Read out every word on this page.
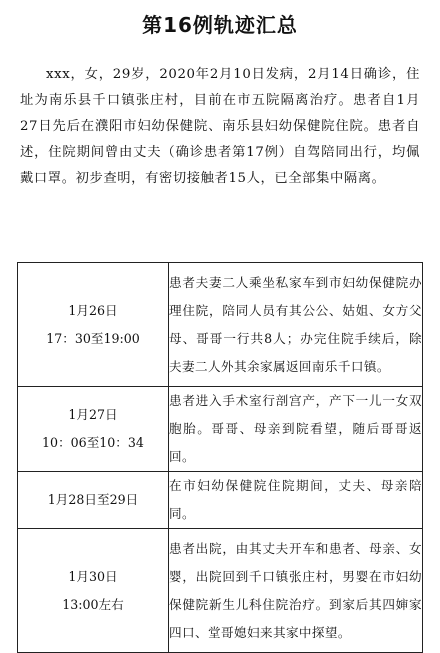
第16例轨迹汇总
xxx，女，29岁，2020年2月10日发病，2月14日确诊，住址为南乐县千口镇张庄村，目前在市五院隔离治疗。患者自1月27日先后在濮阳市妇幼保健院、南乐县妇幼保健院住院。患者自述，住院期间曾由丈夫（确诊患者第17例）自驾陪同出行，均佩戴口罩。初步查明，有密切接触者15人，已全部集中隔离。
1月26日
17：30至19:00	患者夫妻二人乘坐私家车到市妇幼保健院办理住院，陪同人员有其公公、姑姐、女方父母、哥哥一行共8人；办完住院手续后，除夫妻二人外其余家属返回南乐千口镇。

1月27日
10：06至10：34	患者进入手术室行剖宫产，产下一儿一女双胞胎。哥哥、母亲到院看望，随后哥哥返回。

1月28日至29日	在市妇幼保健院住院期间，丈夫、母亲陪同。

1月30日
13:00左右	患者出院，由其丈夫开车和患者、母亲、女婴，出院回到千口镇张庄村，男婴在市妇幼保健院新生儿科住院治疗。到家后其四婶家四口、堂哥媳妇来其家中探望。
